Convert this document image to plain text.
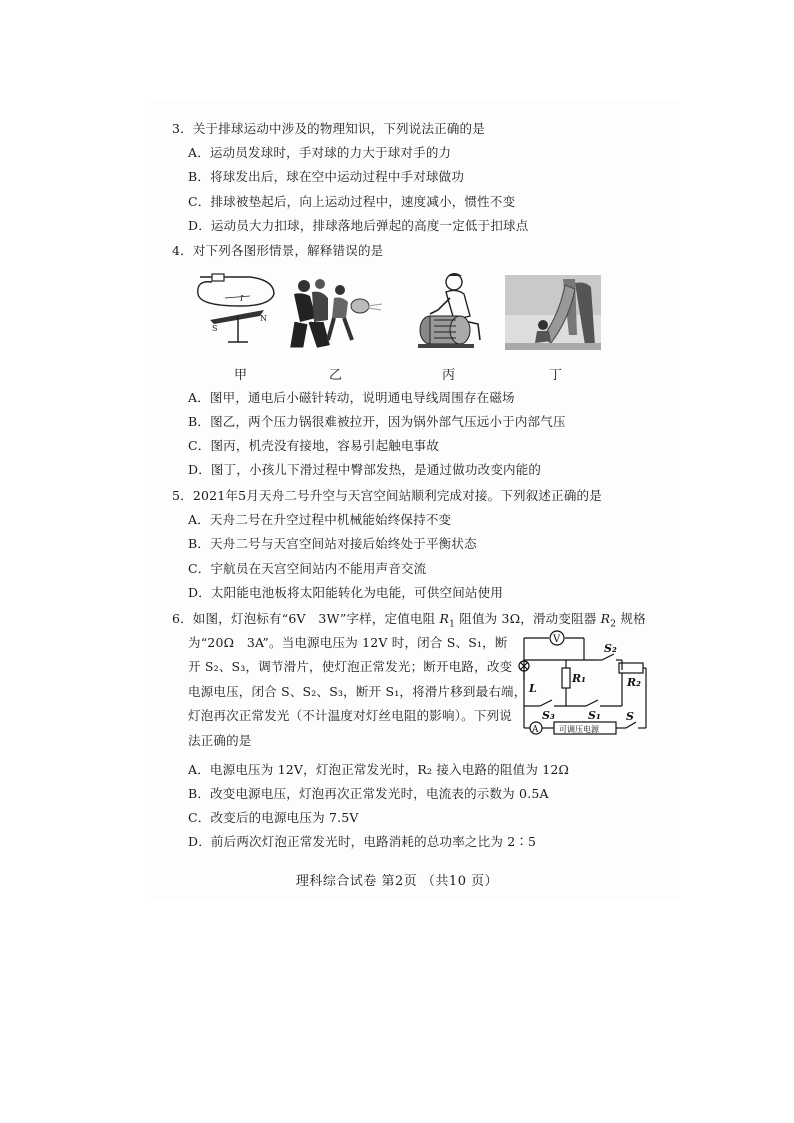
3．关于排球运动中涉及的物理知识，下列说法正确的是
A．运动员发球时，手对球的力大于球对手的力
B．将球发出后，球在空中运动过程中手对球做功
C．排球被垫起后，向上运动过程中，速度减小，惯性不变
D．运动员大力扣球，排球落地后弹起的高度一定低于扣球点
4．对下列各图形情景，解释错误的是
I
S
N
甲	乙	丙	丁
A．图甲，通电后小磁针转动，说明通电导线周围存在磁场
B．图乙，两个压力锅很难被拉开，因为锅外部气压远小于内部气压
C．图丙，机壳没有接地，容易引起触电事故
D．图丁，小孩儿下滑过程中臀部发热，是通过做功改变内能的
5．2021年5月天舟二号升空与天宫空间站顺利完成对接。下列叙述正确的是
A．天舟二号在升空过程中机械能始终保持不变
B．天舟二号与天宫空间站对接后始终处于平衡状态
C．宇航员在天宫空间站内不能用声音交流
D．太阳能电池板将太阳能转化为电能，可供空间站使用
6．如图，灯泡标有“6V　3W”字样，定值电阻 $R_1$ 阻值为 3Ω，滑动变阻器 $R_2$ 规格
为“20Ω　3A”。当电源电压为 12V 时，闭合 S、S₁，断
开 S₂、S₃，调节滑片，使灯泡正常发光；断开电路，改变
电源电压，闭合 S、S₂、S₃，断开 S₁，将滑片移到最右端，
灯泡再次正常发光（不计温度对灯丝电阻的影响）。下列说
法正确的是
V
A
L
R₁	R₂
S₂
S₃	S₁ S
可调压电源
A．电源电压为 12V，灯泡正常发光时，R₂ 接入电路的阻值为 12Ω
B．改变电源电压，灯泡再次正常发光时，电流表的示数为 0.5A
C．改变后的电源电压为 7.5V
D．前后两次灯泡正常发光时，电路消耗的总功率之比为 2∶5
理科综合试卷 第2页 （共10 页）
